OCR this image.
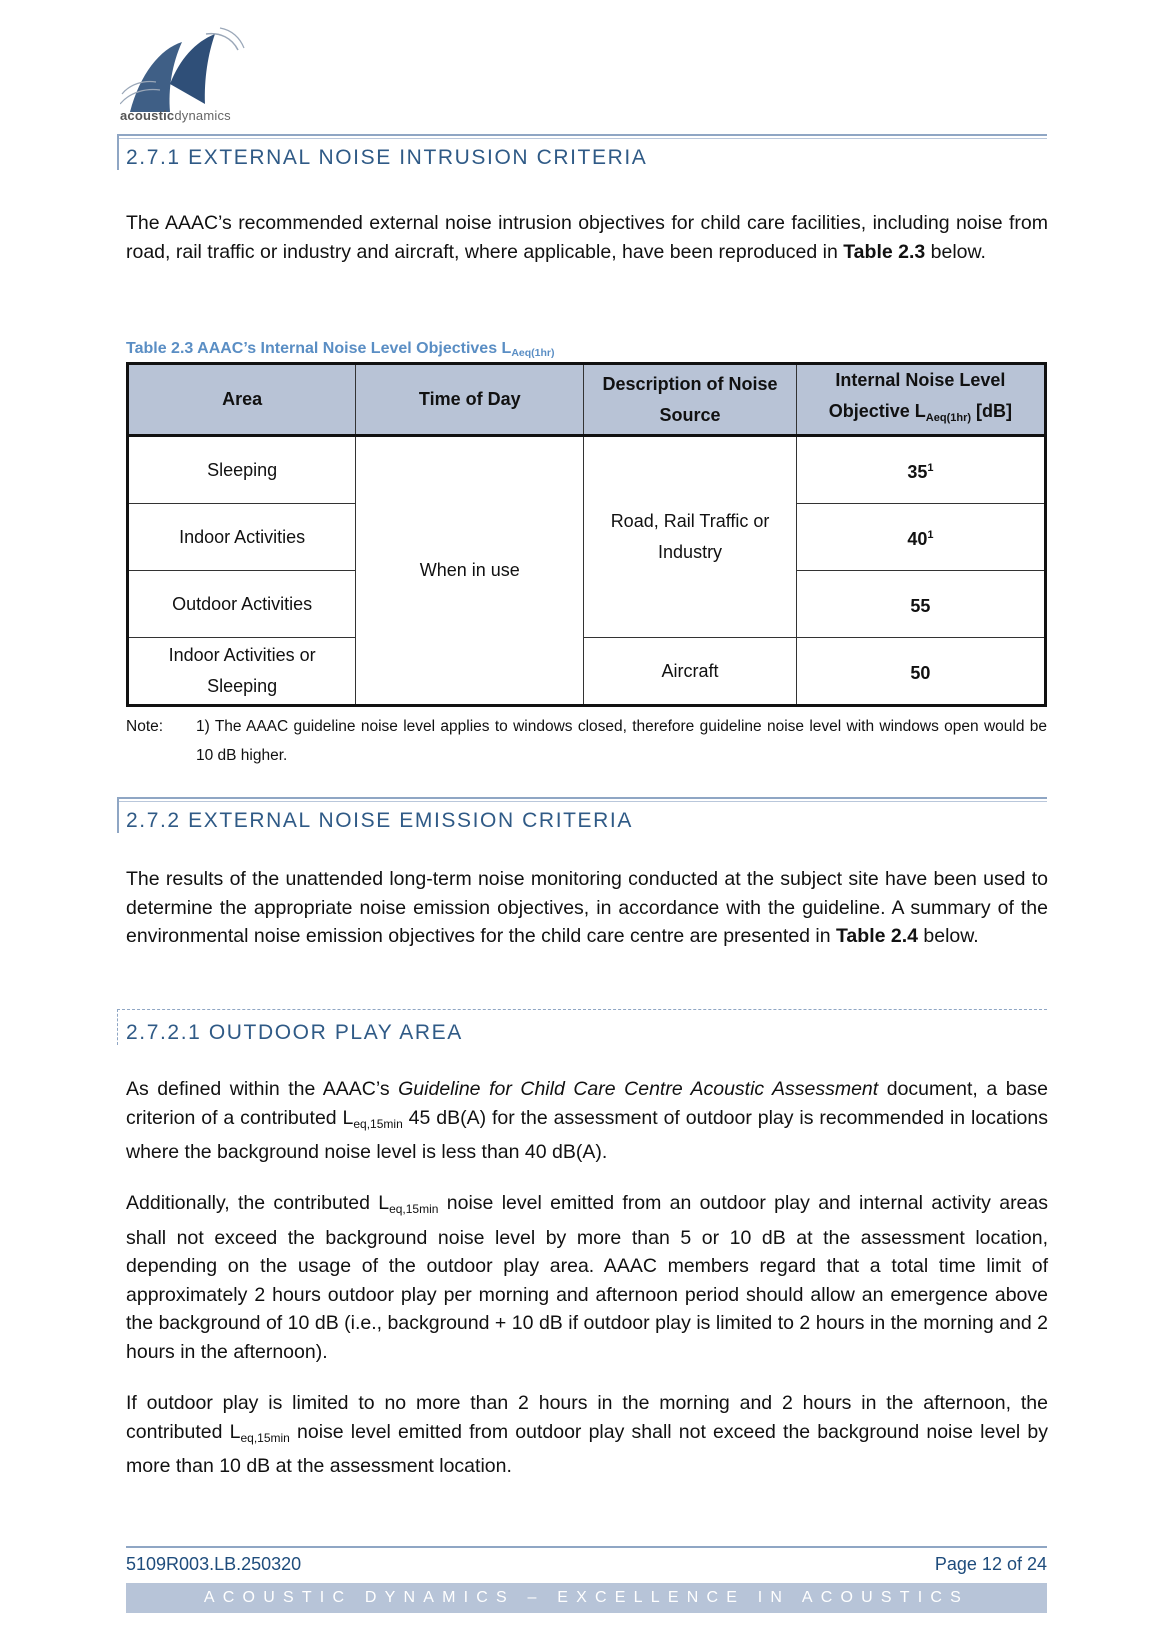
acousticdynamics
2.7.1 EXTERNAL NOISE INTRUSION CRITERIA
The AAAC’s recommended external noise intrusion objectives for child care facilities, including noise from road, rail traffic or industry and aircraft, where applicable, have been reproduced in Table 2.3 below.
Table 2.3 AAAC’s Internal Noise Level Objectives $L_{Aeq(1hr)}$
Area	Time of Day	Description of Noise Source	Internal Noise Level Objective $L_{Aeq(1hr)}$ [dB]
Sleeping	When in use	Road, Rail Traffic or Industry	$35^1$
Indoor Activities			$40^1$
Outdoor Activities			55
Indoor Activities or Sleeping		Aircraft	50
Note: 1) The AAAC guideline noise level applies to windows closed, therefore guideline noise level with windows open would be 10 dB higher.
2.7.2 EXTERNAL NOISE EMISSION CRITERIA
The results of the unattended long-term noise monitoring conducted at the subject site have been used to determine the appropriate noise emission objectives, in accordance with the guideline. A summary of the environmental noise emission objectives for the child care centre are presented in Table 2.4 below.
2.7.2.1 OUTDOOR PLAY AREA
As defined within the AAAC’s Guideline for Child Care Centre Acoustic Assessment document, a base criterion of a contributed $L_{eq,15min}$ 45 dB(A) for the assessment of outdoor play is recommended in locations where the background noise level is less than 40 dB(A).
Additionally, the contributed $L_{eq,15min}$ noise level emitted from an outdoor play and internal activity areas shall not exceed the background noise level by more than 5 or 10 dB at the assessment location, depending on the usage of the outdoor play area. AAAC members regard that a total time limit of approximately 2 hours outdoor play per morning and afternoon period should allow an emergence above the background of 10 dB (i.e., background + 10 dB if outdoor play is limited to 2 hours in the morning and 2 hours in the afternoon).
If outdoor play is limited to no more than 2 hours in the morning and 2 hours in the afternoon, the contributed $L_{eq,15min}$ noise level emitted from outdoor play shall not exceed the background noise level by more than 10 dB at the assessment location.
5109R003.LB.250320	Page 12 of 24
ACOUSTIC DYNAMICS – EXCELLENCE IN ACOUSTICS
